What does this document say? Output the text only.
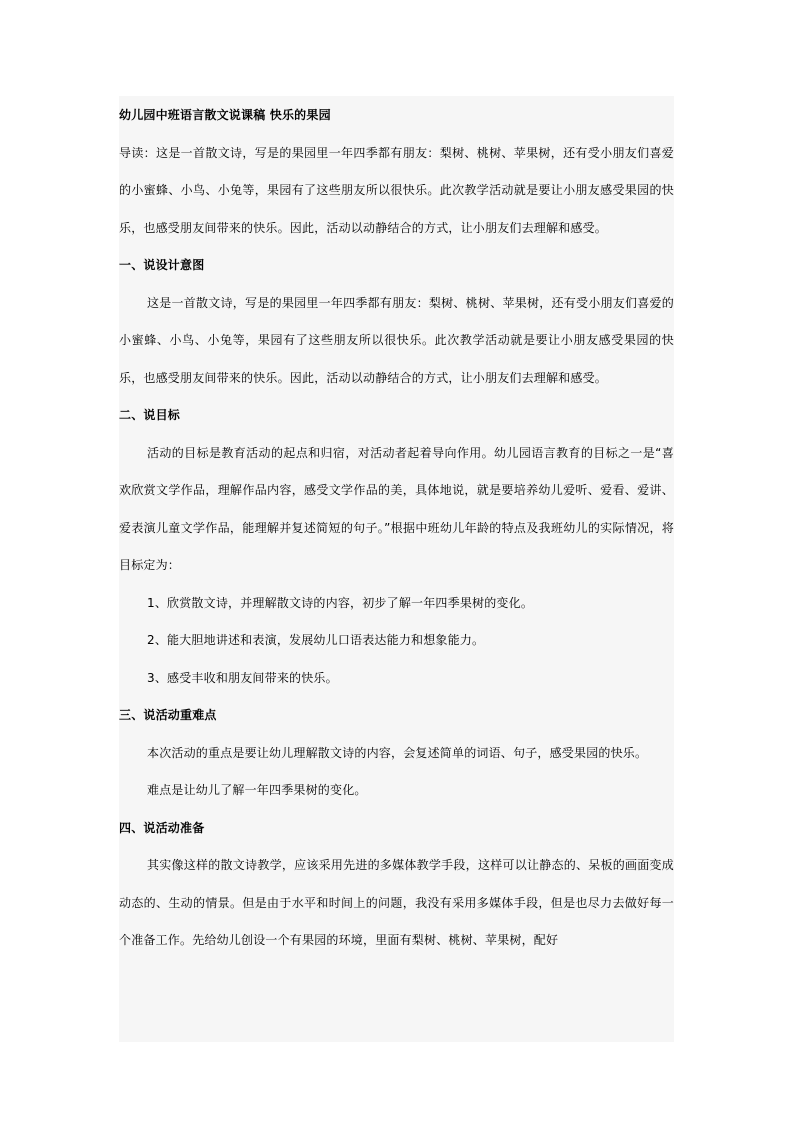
幼儿园中班语言散文说课稿 快乐的果园

导读：这是一首散文诗，写是的果园里一年四季都有朋友：梨树、桃树、苹果树，还有受小朋友们喜爱的小蜜蜂、小鸟、小兔等，果园有了这些朋友所以很快乐。此次教学活动就是要让小朋友感受果园的快乐，也感受朋友间带来的快乐。因此，活动以动静结合的方式，让小朋友们去理解和感受。

一、说设计意图

这是一首散文诗，写是的果园里一年四季都有朋友：梨树、桃树、苹果树，还有受小朋友们喜爱的小蜜蜂、小鸟、小兔等，果园有了这些朋友所以很快乐。此次教学活动就是要让小朋友感受果园的快乐，也感受朋友间带来的快乐。因此，活动以动静结合的方式，让小朋友们去理解和感受。

二、说目标

活动的目标是教育活动的起点和归宿，对活动者起着导向作用。幼儿园语言教育的目标之一是“喜欢欣赏文学作品，理解作品内容，感受文学作品的美，具体地说，就是要培养幼儿爱听、爱看、爱讲、爱表演儿童文学作品，能理解并复述简短的句子。”根据中班幼儿年龄的特点及我班幼儿的实际情况，将目标定为：

1、欣赏散文诗，并理解散文诗的内容，初步了解一年四季果树的变化。

2、能大胆地讲述和表演，发展幼儿口语表达能力和想象能力。

3、感受丰收和朋友间带来的快乐。

三、说活动重难点

本次活动的重点是要让幼儿理解散文诗的内容，会复述简单的词语、句子，感受果园的快乐。

难点是让幼儿了解一年四季果树的变化。

四、说活动准备

其实像这样的散文诗教学，应该采用先进的多媒体教学手段，这样可以让静态的、呆板的画面变成动态的、生动的情景。但是由于水平和时间上的问题，我没有采用多媒体手段，但是也尽力去做好每一个准备工作。先给幼儿创设一个有果园的环境，里面有梨树、桃树、苹果树，配好
